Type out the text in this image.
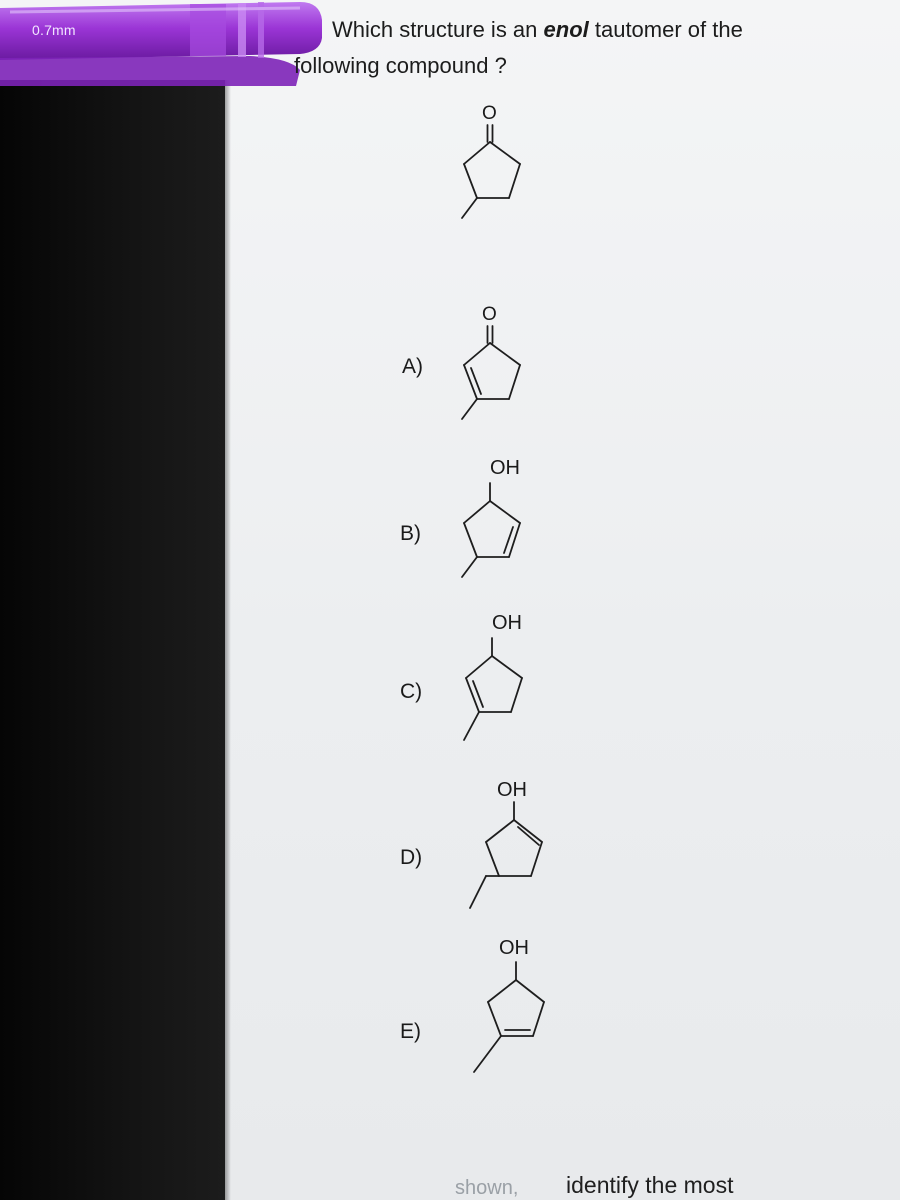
0.7mm	Which structure is an enol tautomer of the
following compound ?
O
A)
O
B)
OH
C)
OH
D)
OH
E)
OH
shown, identify the most
